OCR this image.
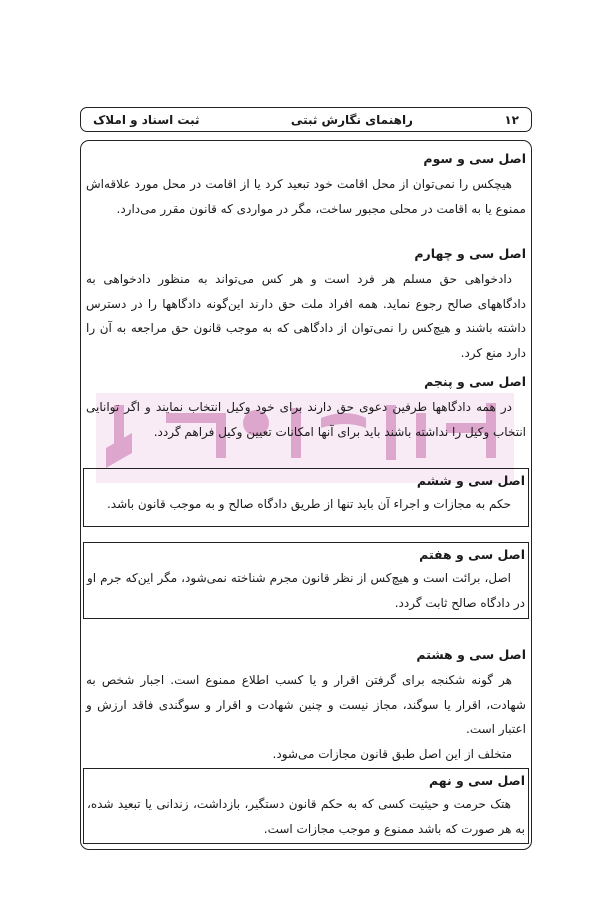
۱۲
راهنمای نگارش ثبتی
ثبت اسناد و املاک

اصل سی و سوم

هیچکس را نمی‌توان از محل اقامت خود تبعید کرد یا از اقامت در محل مورد علاقه‌اش ممنوع یا به اقامت در محلی مجبور ساخت، مگر در مواردی که قانون مقرر می‌دارد.

اصل سی و چهارم

دادخواهی حق مسلم هر فرد است و هر کس می‌تواند به منظور دادخواهی به دادگاههای صالح رجوع نماید. همه افراد ملت حق دارند این‌گونه دادگاهها را در دسترس داشته باشند و هیچ‌کس را نمی‌توان از دادگاهی که به موجب قانون حق مراجعه به آن را دارد منع کرد.

اصل سی و پنجم

در همه دادگاهها طرفین دعوی حق دارند برای خود وکیل انتخاب نمایند و اگر توانایی انتخاب وکیل را نداشته باشند باید برای آنها امکانات تعیین وکیل فراهم گردد.

اصل سی و ششم

حکم به مجازات و اجراء آن باید تنها از طریق دادگاه صالح و به موجب قانون باشد.

اصل سی و هفتم

اصل، برائت است و هیچ‌کس از نظر قانون مجرم شناخته نمی‌شود، مگر این‌که جرم او در دادگاه صالح ثابت گردد.

اصل سی و هشتم

هر گونه شکنجه برای گرفتن اقرار و یا کسب اطلاع ممنوع است. اجبار شخص به شهادت، اقرار یا سوگند، مجاز نیست و چنین شهادت و اقرار و سوگندی فاقد ارزش و اعتبار است.

متخلف از این اصل طبق قانون مجازات می‌شود.

اصل سی و نهم

هتک حرمت و حیثیت کسی که به حکم قانون دستگیر، بازداشت، زندانی یا تبعید شده، به هر صورت که باشد ممنوع و موجب مجازات است.
